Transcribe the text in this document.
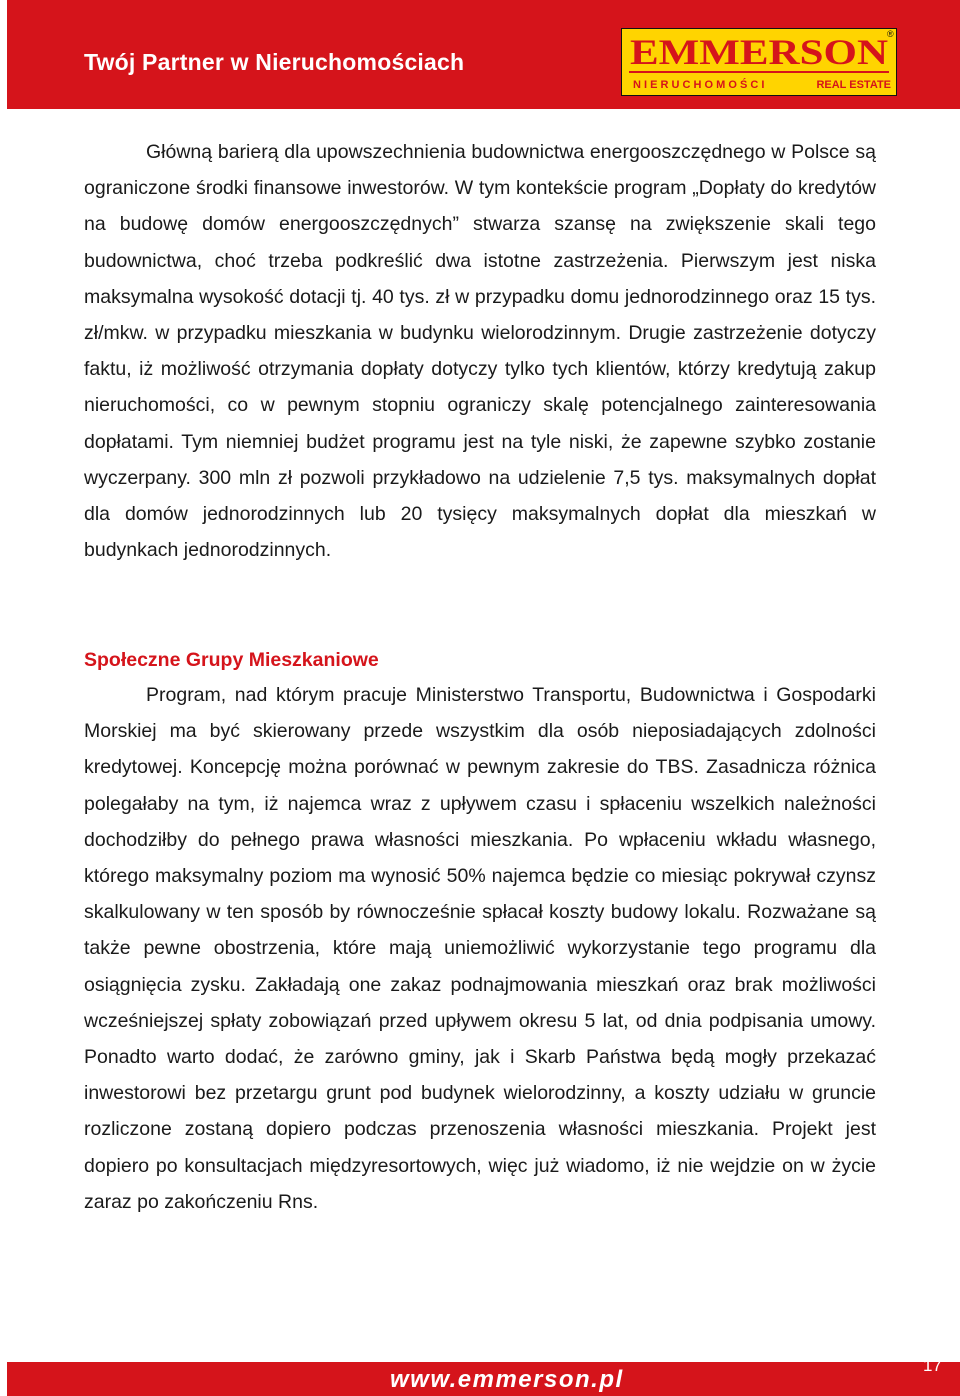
Twój Partner w Nieruchomościach	EMMERSON
N I E R U C H O M O Ś C I	REAL ESTATE
®

Główną barierą dla upowszechnienia budownictwa energooszczędnego w Polsce są ograniczone środki finansowe inwestorów. W tym kontekście program „Dopłaty do kredytów na budowę domów energooszczędnych” stwarza szansę na zwiększenie skali tego budownictwa, choć trzeba podkreślić dwa istotne zastrzeżenia. Pierwszym jest niska maksymalna wysokość dotacji tj. 40 tys. zł w przypadku domu jednorodzinnego oraz 15 tys. zł/mkw. w przypadku mieszkania w budynku wielorodzinnym. Drugie zastrzeżenie dotyczy faktu, iż możliwość otrzymania dopłaty dotyczy tylko tych klientów, którzy kredytują zakup nieruchomości, co w pewnym stopniu ograniczy skalę potencjalnego zainteresowania dopłatami. Tym niemniej budżet programu jest na tyle niski, że zapewne szybko zostanie wyczerpany. 300 mln zł pozwoli przykładowo na udzielenie 7,5 tys. maksymalnych dopłat dla domów jednorodzinnych lub 20 tysięcy maksymalnych dopłat dla mieszkań w budynkach jednorodzinnych.

Społeczne Grupy Mieszkaniowe

Program, nad którym pracuje Ministerstwo Transportu, Budownictwa i Gospodarki Morskiej ma być skierowany przede wszystkim dla osób nieposiadających zdolności kredytowej. Koncepcję można porównać w pewnym zakresie do TBS. Zasadnicza różnica polegałaby na tym, iż najemca wraz z upływem czasu i spłaceniu wszelkich należności dochodziłby do pełnego prawa własności mieszkania. Po wpłaceniu wkładu własnego, którego maksymalny poziom ma wynosić 50% najemca będzie co miesiąc pokrywał czynsz skalkulowany w ten sposób by równocześnie spłacał koszty budowy lokalu. Rozważane są także pewne obostrzenia, które mają uniemożliwić wykorzystanie tego programu dla osiągnięcia zysku. Zakładają one zakaz podnajmowania mieszkań oraz brak możliwości wcześniejszej spłaty zobowiązań przed upływem okresu 5 lat, od dnia podpisania umowy. Ponadto warto dodać, że zarówno gminy, jak i Skarb Państwa będą mogły przekazać inwestorowi bez przetargu grunt pod budynek wielorodzinny, a koszty udziału w gruncie rozliczone zostaną dopiero podczas przenoszenia własności mieszkania. Projekt jest dopiero po konsultacjach międzyresortowych, więc już wiadomo, iż nie wejdzie on w życie zaraz po zakończeniu Rns.

www.emmerson.pl
17
